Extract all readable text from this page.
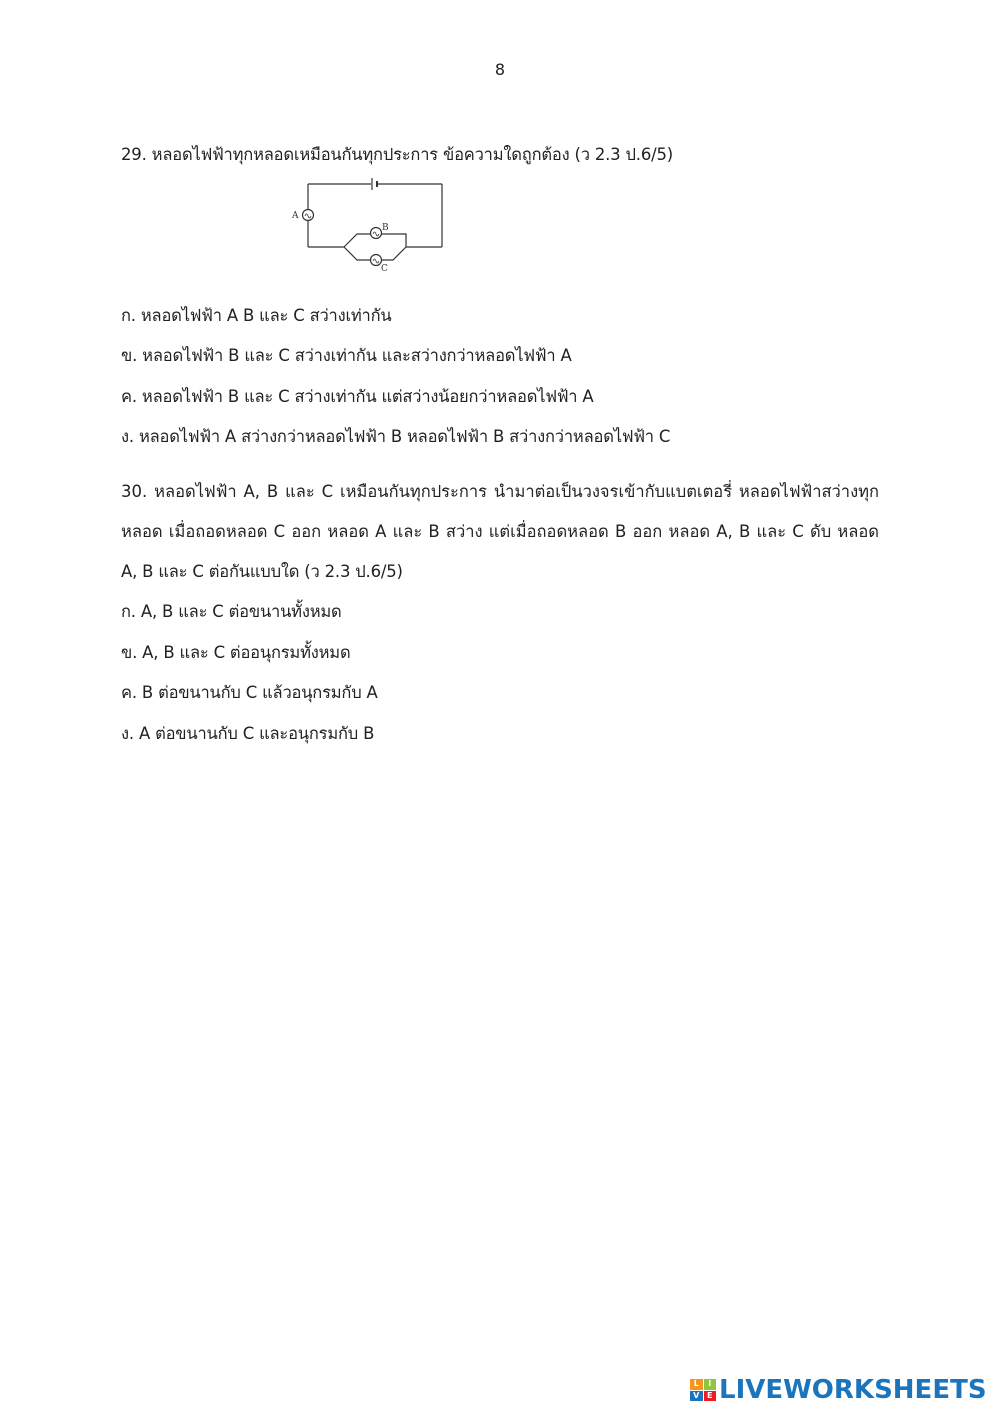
8
29. หลอดไฟฟ้าทุกหลอดเหมือนกันทุกประการ ข้อความใดถูกต้อง (ว 2.3 ป.6/5)
A
B
C
ก. หลอดไฟฟ้า A B และ C สว่างเท่ากัน
ข. หลอดไฟฟ้า B และ C สว่างเท่ากัน และสว่างกว่าหลอดไฟฟ้า A
ค. หลอดไฟฟ้า B และ C สว่างเท่ากัน แต่สว่างน้อยกว่าหลอดไฟฟ้า A
ง. หลอดไฟฟ้า A สว่างกว่าหลอดไฟฟ้า B หลอดไฟฟ้า B สว่างกว่าหลอดไฟฟ้า C
30. หลอดไฟฟ้า A, B และ C เหมือนกันทุกประการ นำมาต่อเป็นวงจรเข้ากับแบตเตอรี่ หลอดไฟฟ้าสว่างทุก
หลอด เมื่อถอดหลอด C ออก หลอด A และ B สว่าง แต่เมื่อถอดหลอด B ออก หลอด A, B และ C ดับ หลอด
A, B และ C ต่อกันแบบใด (ว 2.3 ป.6/5)
ก. A, B และ C ต่อขนานทั้งหมด
ข. A, B และ C ต่ออนุกรมทั้งหมด
ค. B ต่อขนานกับ C แล้วอนุกรมกับ A
ง. A ต่อขนานกับ C และอนุกรมกับ B
L	I
V E LIVEWORKSHEETS
